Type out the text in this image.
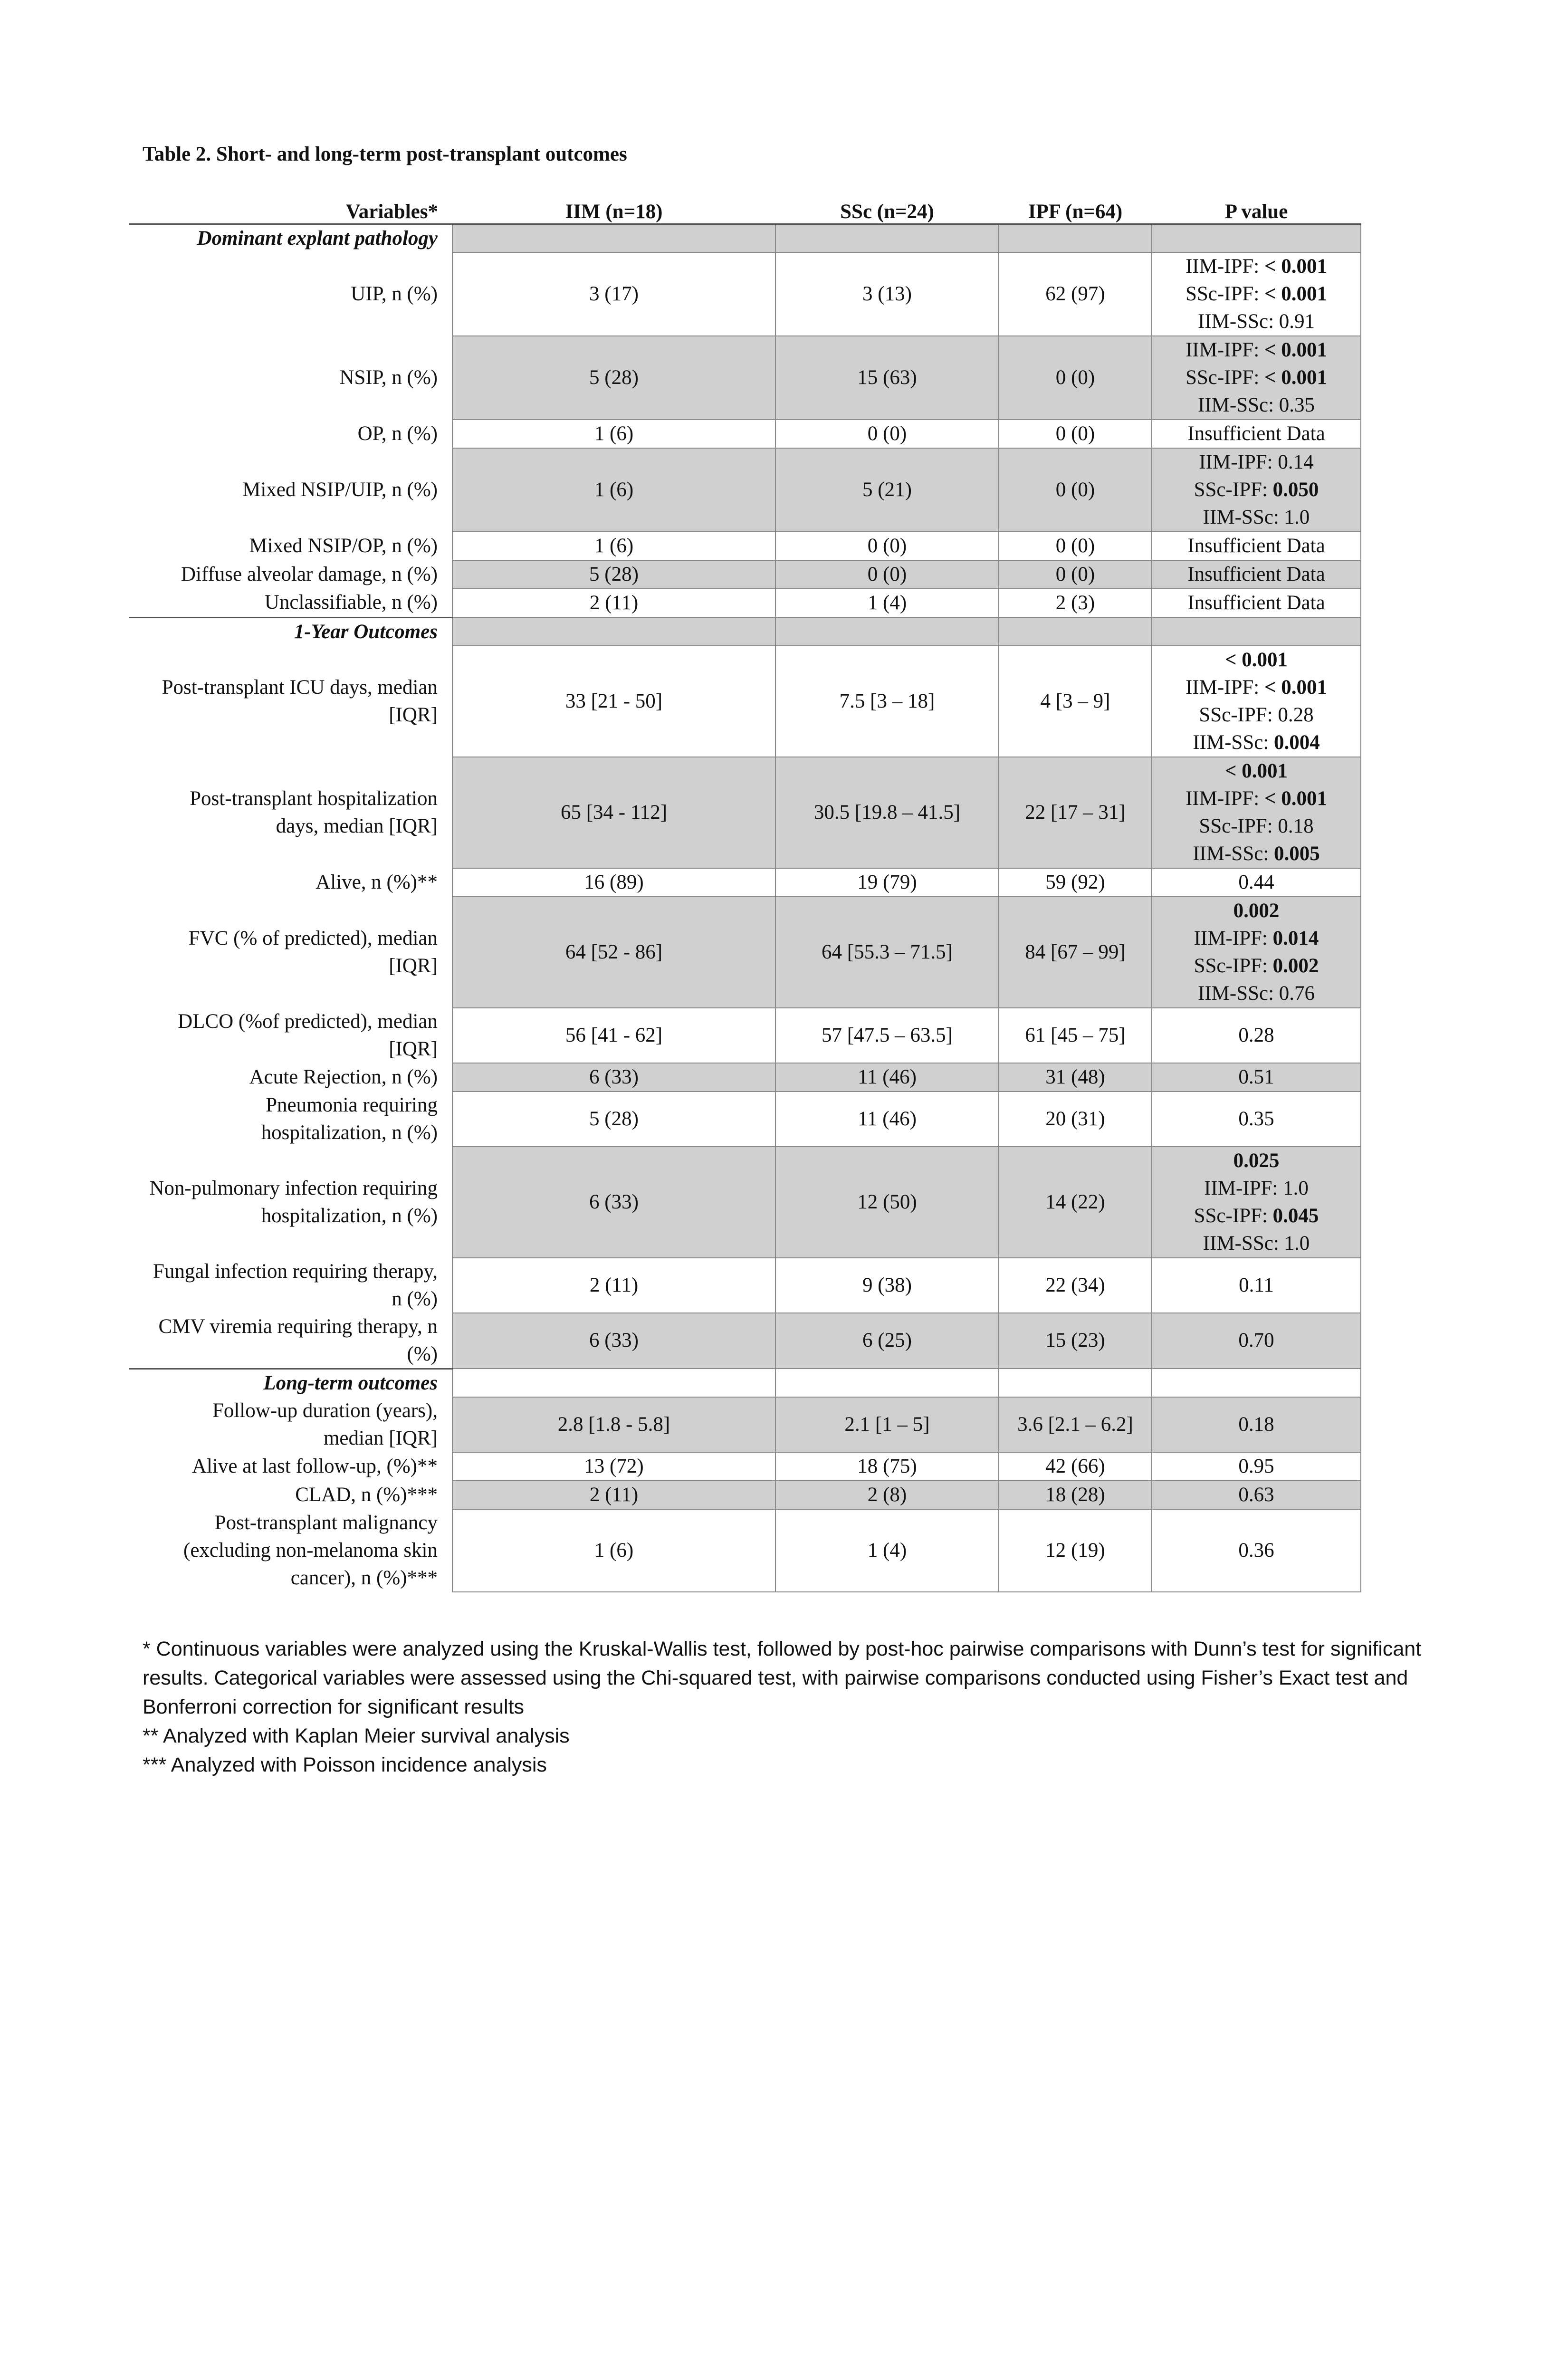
Table 2. Short- and long-term post-transplant outcomes
Variables*	IIM (n=18)	SSc (n=24)	IPF (n=64)	P value
Dominant explant pathology				
UIP, n (%)	3 (17)	3 (13)	62 (97)	IIM-IPF: < 0.001
SSc-IPF: < 0.001
IIM-SSc: 0.91

NSIP, n (%)	5 (28)	15 (63)	0 (0)	IIM-IPF: < 0.001
SSc-IPF: < 0.001
IIM-SSc: 0.35

OP, n (%)	1 (6)	0 (0)	0 (0)	Insufficient Data

Mixed NSIP/UIP, n (%)	1 (6)	5 (21)	0 (0)	IIM-IPF: 0.14
SSc-IPF: 0.050
IIM-SSc: 1.0

Mixed NSIP/OP, n (%)	1 (6)	0 (0)	0 (0)	Insufficient Data

Diffuse alveolar damage, n (%)	5 (28)	0 (0)	0 (0)	Insufficient Data

Unclassifiable, n (%)	2 (11)	1 (4)	2 (3)	Insufficient Data

1-Year Outcomes				
Post-transplant ICU days, median [IQR]	33 [21 - 50]	7.5 [3 – 18]	4 [3 – 9]	< 0.001
IIM-IPF: < 0.001
SSc-IPF: 0.28
IIM-SSc: 0.004

Post-transplant hospitalization days, median [IQR]	65 [34 - 112]	30.5 [19.8 – 41.5]	22 [17 – 31]	< 0.001
IIM-IPF: < 0.001
SSc-IPF: 0.18
IIM-SSc: 0.005

Alive, n (%)**	16 (89)	19 (79)	59 (92)	0.44

FVC (% of predicted), median [IQR]	64 [52 - 86]	64 [55.3 – 71.5]	84 [67 – 99]	0.002
IIM-IPF: 0.014
SSc-IPF: 0.002
IIM-SSc: 0.76

DLCO (%of predicted), median [IQR]	56 [41 - 62]	57 [47.5 – 63.5]	61 [45 – 75]	0.28

Acute Rejection, n (%)	6 (33)	11 (46)	31 (48)	0.51

Pneumonia requiring hospitalization, n (%)	5 (28)	11 (46)	20 (31)	0.35

Non-pulmonary infection requiring hospitalization, n (%)	6 (33)	12 (50)	14 (22)	0.025
IIM-IPF: 1.0
SSc-IPF: 0.045
IIM-SSc: 1.0

Fungal infection requiring therapy, n (%)	2 (11)	9 (38)	22 (34)	0.11

CMV viremia requiring therapy, n (%)	6 (33)	6 (25)	15 (23)	0.70

Long-term outcomes				
Follow-up duration (years), median [IQR]	2.8 [1.8 - 5.8]	2.1 [1 – 5]	3.6 [2.1 – 6.2]	0.18

Alive at last follow-up, (%)**	13 (72)	18 (75)	42 (66)	0.95

CLAD, n (%)***	2 (11)	2 (8)	18 (28)	0.63

Post-transplant malignancy (excluding non-melanoma skin cancer), n (%)***	1 (6)	1 (4)	12 (19)	0.36

* Continuous variables were analyzed using the Kruskal-Wallis test, followed by post-hoc pairwise comparisons with Dunn’s test for significant results. Categorical variables were assessed using the Chi-squared test, with pairwise comparisons conducted using Fisher’s Exact test and Bonferroni correction for significant results

** Analyzed with Kaplan Meier survival analysis

*** Analyzed with Poisson incidence analysis
